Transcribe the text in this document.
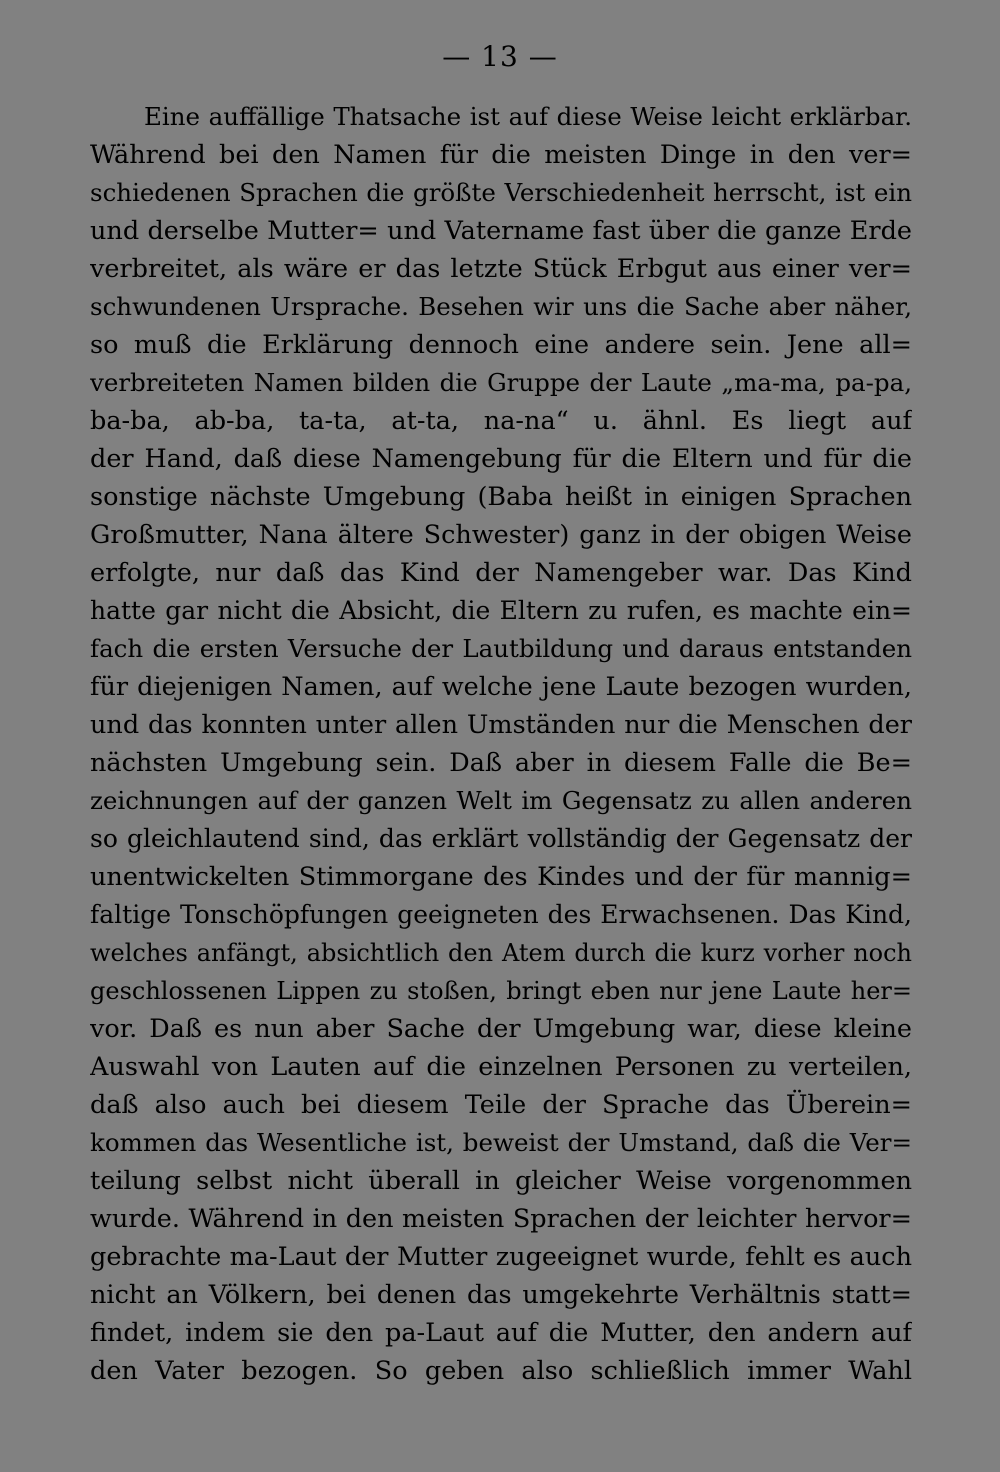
— 13 —
Eine auffällige Thatsache ist auf diese Weise leicht erklärbar.
Während bei den Namen für die meisten Dinge in den ver=
schiedenen Sprachen die größte Verschiedenheit herrscht, ist ein
und derselbe Mutter= und Vatername fast über die ganze Erde
verbreitet, als wäre er das letzte Stück Erbgut aus einer ver=
schwundenen Ursprache. Besehen wir uns die Sache aber näher,
so muß die Erklärung dennoch eine andere sein. Jene all=
verbreiteten Namen bilden die Gruppe der Laute „ma-ma, pa-pa,
ba-ba, ab-ba, ta-ta, at-ta, na-na“ u. ähnl. Es liegt auf
der Hand, daß diese Namengebung für die Eltern und für die
sonstige nächste Umgebung (Baba heißt in einigen Sprachen
Großmutter, Nana ältere Schwester) ganz in der obigen Weise
erfolgte, nur daß das Kind der Namengeber war. Das Kind
hatte gar nicht die Absicht, die Eltern zu rufen, es machte ein=
fach die ersten Versuche der Lautbildung und daraus entstanden
für diejenigen Namen, auf welche jene Laute bezogen wurden,
und das konnten unter allen Umständen nur die Menschen der
nächsten Umgebung sein. Daß aber in diesem Falle die Be=
zeichnungen auf der ganzen Welt im Gegensatz zu allen anderen
so gleichlautend sind, das erklärt vollständig der Gegensatz der
unentwickelten Stimmorgane des Kindes und der für mannig=
faltige Tonschöpfungen geeigneten des Erwachsenen. Das Kind,
welches anfängt, absichtlich den Atem durch die kurz vorher noch
geschlossenen Lippen zu stoßen, bringt eben nur jene Laute her=
vor. Daß es nun aber Sache der Umgebung war, diese kleine
Auswahl von Lauten auf die einzelnen Personen zu verteilen,
daß also auch bei diesem Teile der Sprache das Überein=
kommen das Wesentliche ist, beweist der Umstand, daß die Ver=
teilung selbst nicht überall in gleicher Weise vorgenommen
wurde. Während in den meisten Sprachen der leichter hervor=
gebrachte ma-Laut der Mutter zugeeignet wurde, fehlt es auch
nicht an Völkern, bei denen das umgekehrte Verhältnis statt=
findet, indem sie den pa-Laut auf die Mutter, den andern auf
den Vater bezogen. So geben also schließlich immer Wahl
